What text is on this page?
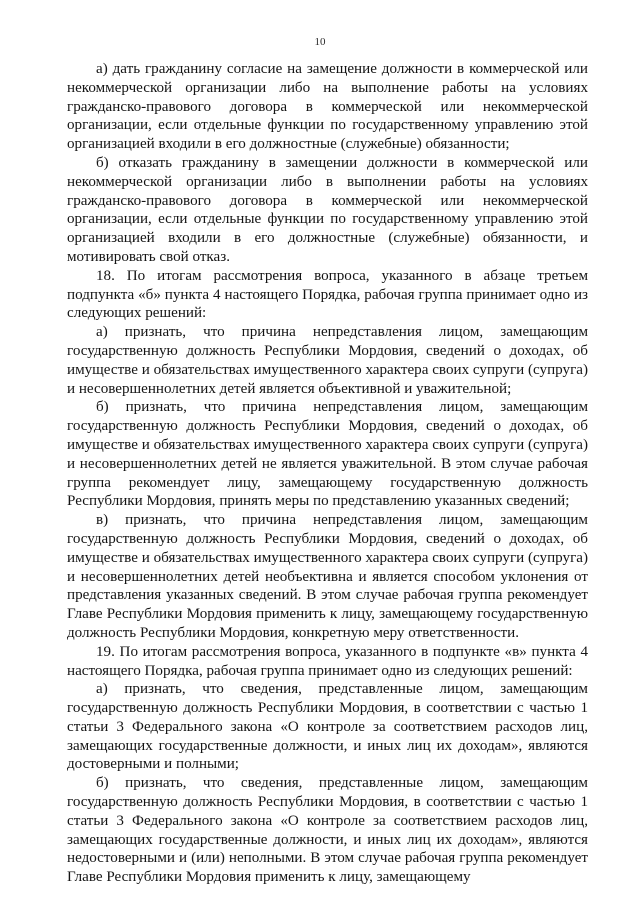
10

а) дать гражданину согласие на замещение должности в коммерческой или некоммерческой организации либо на выполнение работы на условиях гражданско-правового договора в коммерческой или некоммерческой организации, если отдельные функции по государственному управлению этой организацией входили в его должностные (служебные) обязанности;

б) отказать гражданину в замещении должности в коммерческой или некоммерческой организации либо в выполнении работы на условиях гражданско-правового договора в коммерческой или некоммерческой организации, если отдельные функции по государственному управлению этой организацией входили в его должностные (служебные) обязанности, и мотивировать свой отказ.

18. По итогам рассмотрения вопроса, указанного в абзаце третьем подпункта «б» пункта 4 настоящего Порядка, рабочая группа принимает одно из следующих решений:

а) признать, что причина непредставления лицом, замещающим государственную должность Республики Мордовия, сведений о доходах, об имуществе и обязательствах имущественного характера своих супруги (супруга) и несовершеннолетних детей является объективной и уважительной;

б) признать, что причина непредставления лицом, замещающим государственную должность Республики Мордовия, сведений о доходах, об имуществе и обязательствах имущественного характера своих супруги (супруга) и несовершеннолетних детей не является уважительной. В этом случае рабочая группа рекомендует лицу, замещающему государственную должность Республики Мордовия, принять меры по представлению указанных сведений;

в) признать, что причина непредставления лицом, замещающим государственную должность Республики Мордовия, сведений о доходах, об имуществе и обязательствах имущественного характера своих супруги (супруга) и несовершеннолетних детей необъективна и является способом уклонения от представления указанных сведений. В этом случае рабочая группа рекомендует Главе Республики Мордовия применить к лицу, замещающему государственную должность Республики Мордовия, конкретную меру ответственности.

19. По итогам рассмотрения вопроса, указанного в подпункте «в» пункта 4 настоящего Порядка, рабочая группа принимает одно из следующих решений:

а) признать, что сведения, представленные лицом, замещающим государственную должность Республики Мордовия, в соответствии с частью 1 статьи 3 Федерального закона «О контроле за соответствием расходов лиц, замещающих государственные должности, и иных лиц их доходам», являются достоверными и полными;

б) признать, что сведения, представленные лицом, замещающим государственную должность Республики Мордовия, в соответствии с частью 1 статьи 3 Федерального закона «О контроле за соответствием расходов лиц, замещающих государственные должности, и иных лиц их доходам», являются недостоверными и (или) неполными. В этом случае рабочая группа рекомендует Главе Республики Мордовия применить к лицу, замещающему
